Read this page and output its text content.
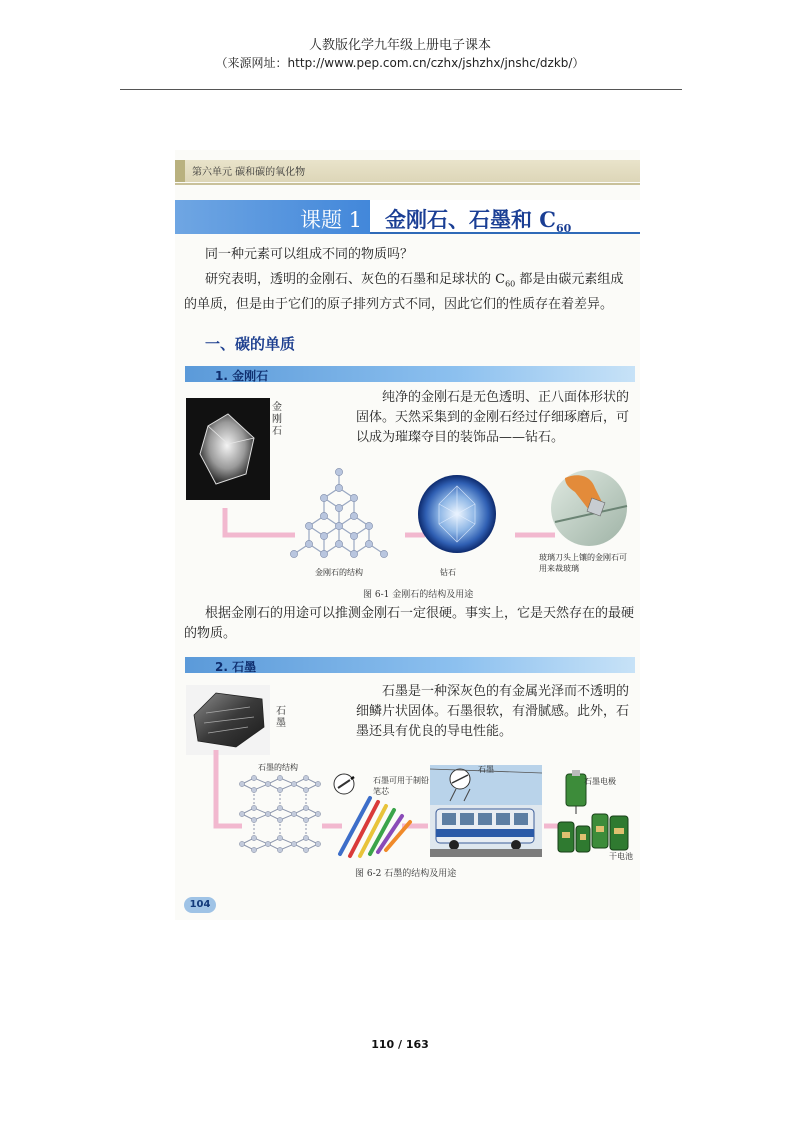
人教版化学九年级上册电子课本
（来源网址：http://www.pep.com.cn/czhx/jshzhx/jnshc/dzkb/）
第六单元 碳和碳的氧化物
课题 1 金刚石、石墨和 $C_{60}$
同一种元素可以组成不同的物质吗？
研究表明，透明的金刚石、灰色的石墨和足球状的 $C_{60}$ 都是由碳元素组成的单质，但是由于它们的原子排列方式不同，因此它们的性质存在着差异。
一、碳的单质
1. 金刚石
金刚石
纯净的金刚石是无色透明、正八面体形状的固体。天然采集到的金刚石经过仔细琢磨后，可以成为璀璨夺目的装饰品——钻石。
金刚石的结构	钻石
玻璃刀头上镶的金刚石可用来裁玻璃
图 6-1 金刚石的结构及用途
根据金刚石的用途可以推测金刚石一定很硬。事实上，它是天然存在的最硬的物质。
2. 石墨
石墨
石墨是一种深灰色的有金属光泽而不透明的细鳞片状固体。石墨很软，有滑腻感。此外，石墨还具有优良的导电性能。
石墨的结构
石墨可用于制铅笔芯
石墨
石墨电极
干电池
图 6-2 石墨的结构及用途
104
110 / 163
